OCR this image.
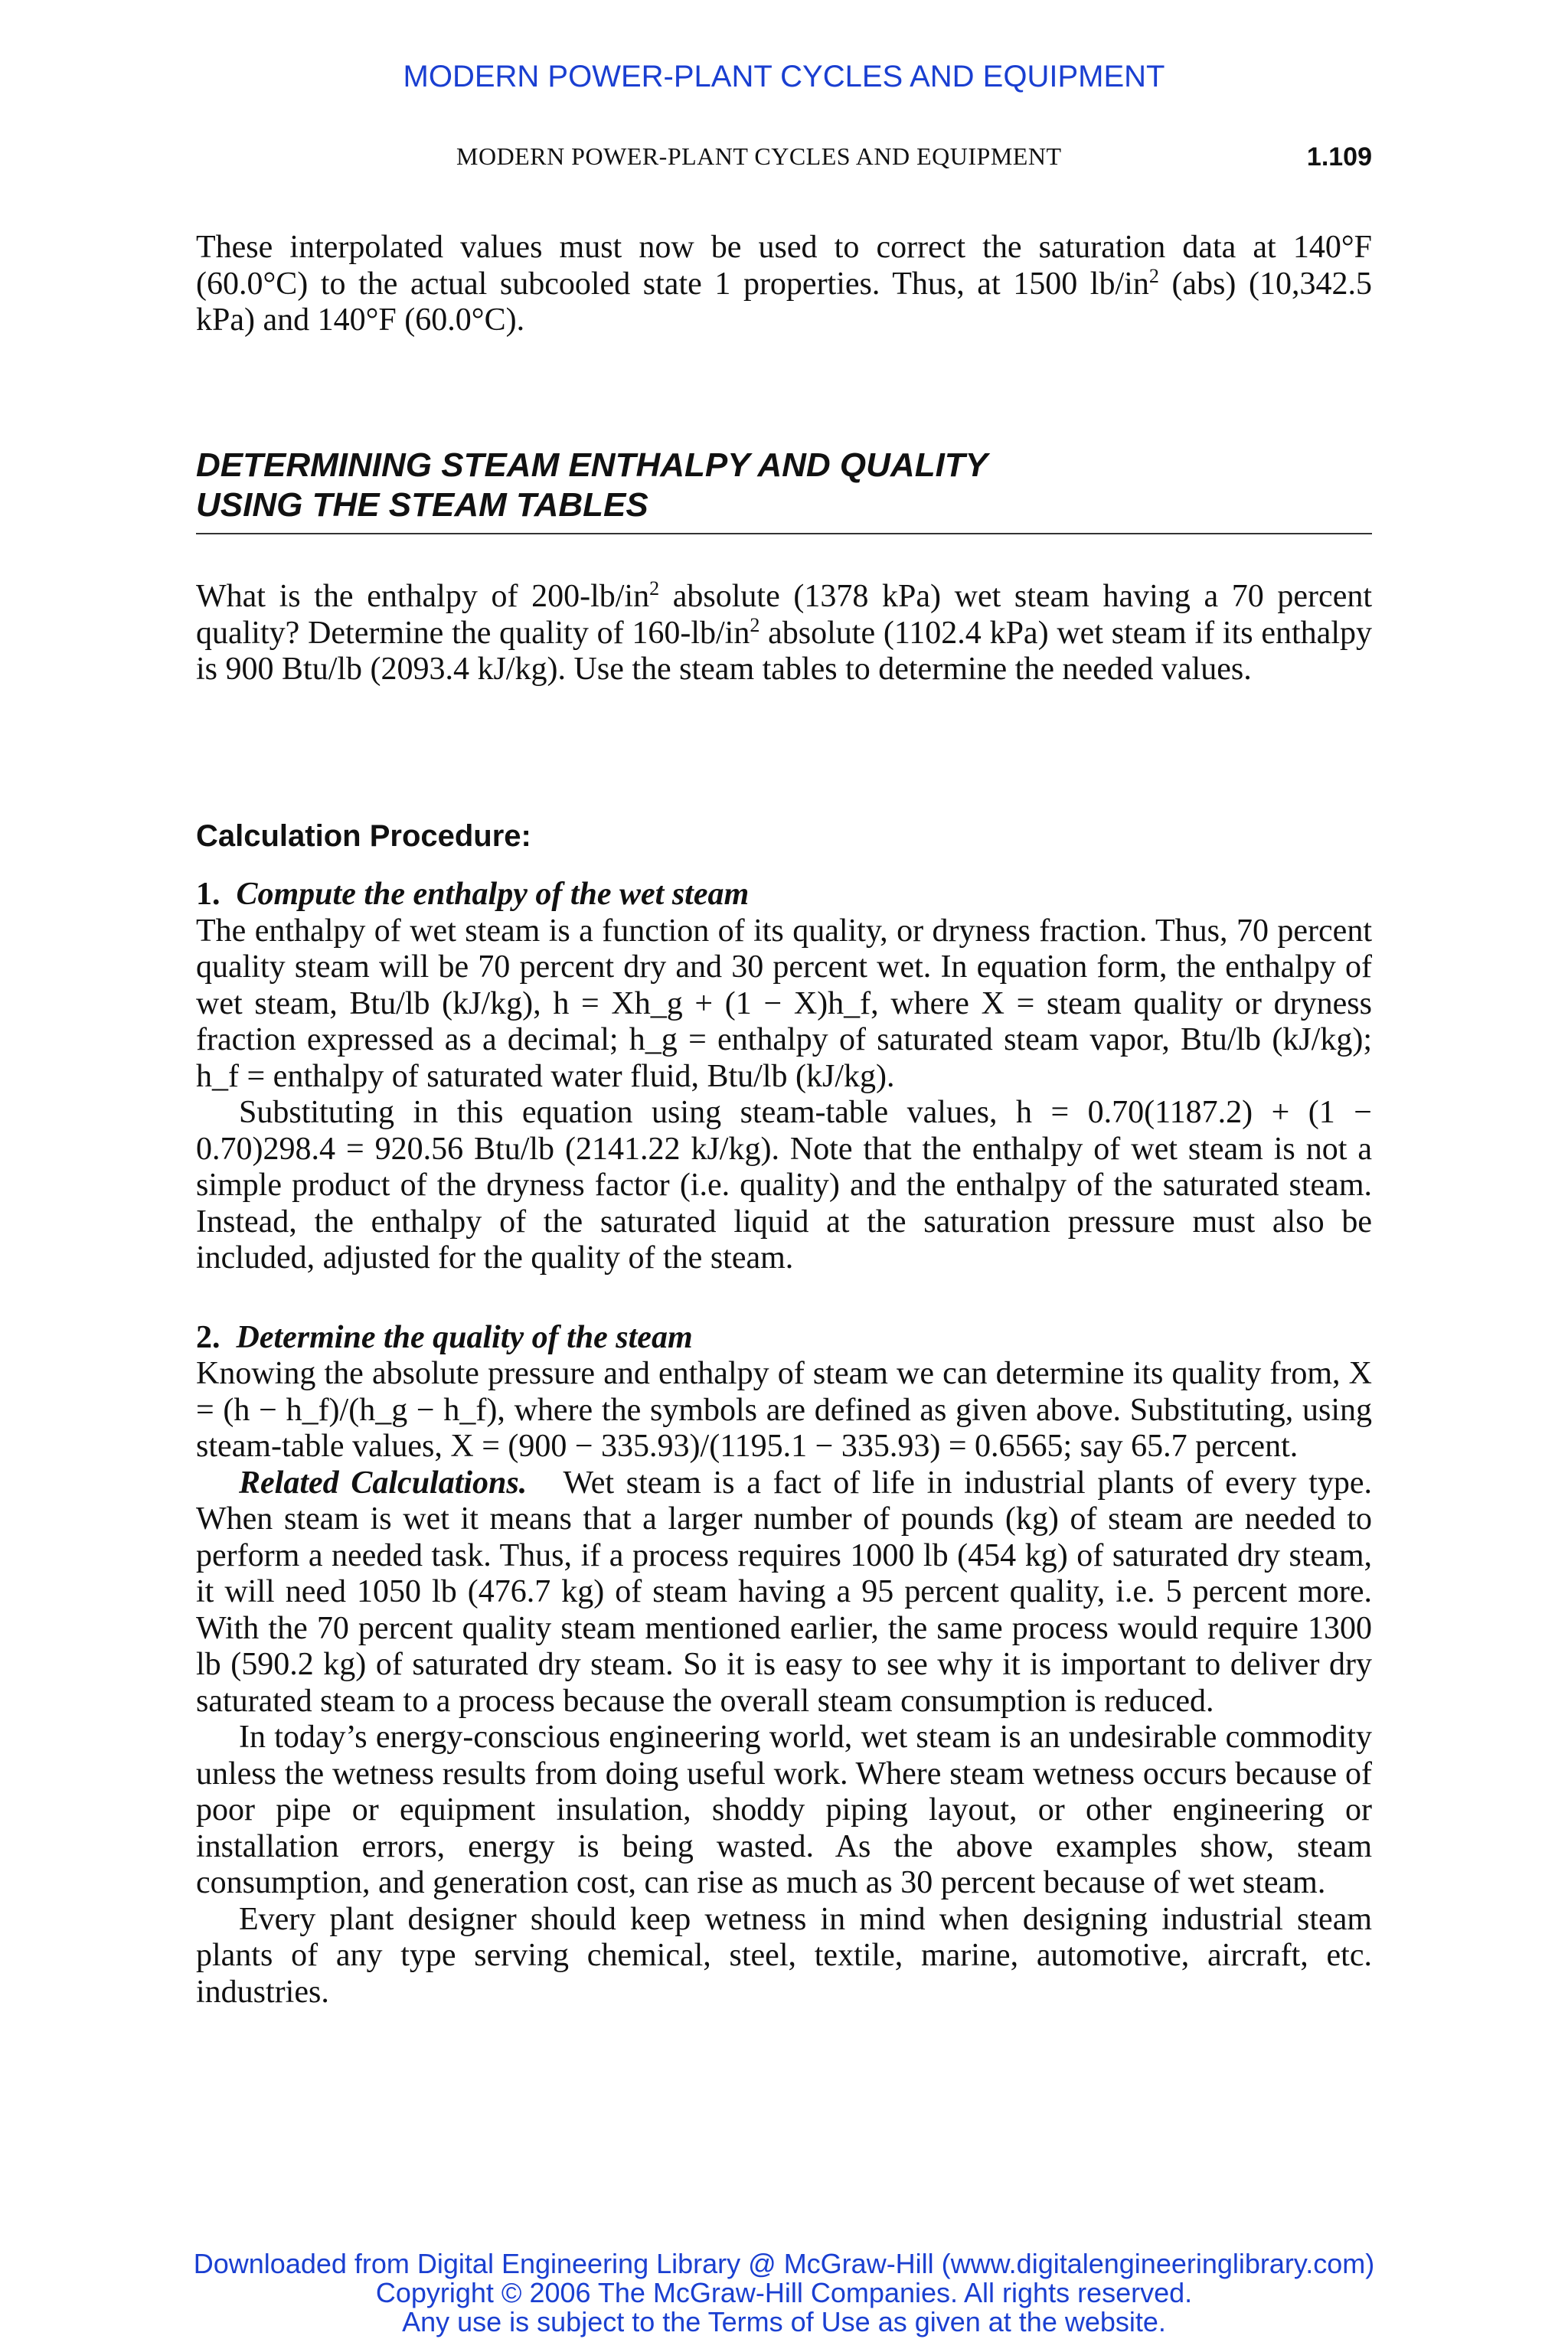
MODERN POWER-PLANT CYCLES AND EQUIPMENT
MODERN POWER-PLANT CYCLES AND EQUIPMENT	1.109

These interpolated values must now be used to correct the saturation data at 140°F (60.0°C) to the actual subcooled state 1 properties. Thus, at 1500 $lb/in^2$ (abs) (10,342.5 kPa) and 140°F (60.0°C).

DETERMINING STEAM ENTHALPY AND QUALITY
USING THE STEAM TABLES

What is the enthalpy of $200-lb/in^2$ absolute (1378 kPa) wet steam having a 70 percent quality? Determine the quality of $160-lb/in^2$ absolute (1102.4 kPa) wet steam if its enthalpy is 900 Btu/lb (2093.4 kJ/kg). Use the steam tables to determine the needed values.

Calculation Procedure:
1. Compute the enthalpy of the wet steam

The enthalpy of wet steam is a function of its quality, or dryness fraction. Thus, 70 percent quality steam will be 70 percent dry and 30 percent wet. In equation form, the enthalpy of wet steam, Btu/lb (kJ/kg), h = Xh_g + (1 − X)h_f, where X = steam quality or dryness fraction expressed as a decimal; h_g = enthalpy of saturated steam vapor, Btu/lb (kJ/kg); h_f = enthalpy of saturated water fluid, Btu/lb (kJ/kg).

Substituting in this equation using steam-table values, h = 0.70(1187.2) + (1 − 0.70)298.4 = 920.56 Btu/lb (2141.22 kJ/kg). Note that the enthalpy of wet steam is not a simple product of the dryness factor (i.e. quality) and the enthalpy of the saturated steam. Instead, the enthalpy of the saturated liquid at the saturation pressure must also be included, adjusted for the quality of the steam.

2. Determine the quality of the steam

Knowing the absolute pressure and enthalpy of steam we can determine its quality from, X = (h − h_f)/(h_g − h_f), where the symbols are defined as given above. Substituting, using steam-table values, X = (900 − 335.93)/(1195.1 − 335.93) = 0.6565; say 65.7 percent.

Related Calculations. Wet steam is a fact of life in industrial plants of every type. When steam is wet it means that a larger number of pounds (kg) of steam are needed to perform a needed task. Thus, if a process requires 1000 lb (454 kg) of saturated dry steam, it will need 1050 lb (476.7 kg) of steam having a 95 percent quality, i.e. 5 percent more. With the 70 percent quality steam mentioned earlier, the same process would require 1300 lb (590.2 kg) of saturated dry steam. So it is easy to see why it is important to deliver dry saturated steam to a process because the overall steam consumption is reduced.

In today’s energy-conscious engineering world, wet steam is an undesirable commodity unless the wetness results from doing useful work. Where steam wetness occurs because of poor pipe or equipment insulation, shoddy piping layout, or other engineering or installation errors, energy is being wasted. As the above examples show, steam consumption, and generation cost, can rise as much as 30 percent because of wet steam.

Every plant designer should keep wetness in mind when designing industrial steam plants of any type serving chemical, steel, textile, marine, automotive, aircraft, etc. industries.

Downloaded from Digital Engineering Library @ McGraw-Hill (www.digitalengineeringlibrary.com)
Copyright © 2006 The McGraw-Hill Companies. All rights reserved.
Any use is subject to the Terms of Use as given at the website.
